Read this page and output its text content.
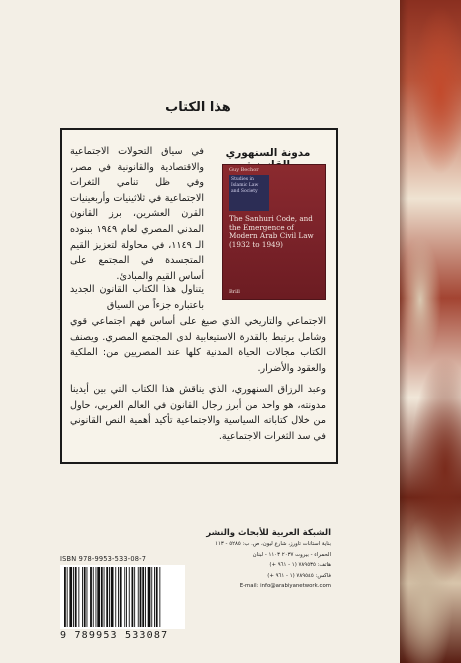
هذا الكتاب
مدونة السنهوري
Guy Bechor
Studies in Islamic Law and Society
The Sanhuri Code, and the Emergence of Modern Arab Civil Law (1932 to 1949)
Brill
في سياق التحولات الاجتماعية والاقتصادية والقانونية في مصر، وفي ظل تنامي الثغرات الاجتماعية في ثلاثينيات وأربعينيات القرن العشرين، برز القانون المدني المصري لعام ١٩٤٩ ببنوده الـ ١١٤٩، في محاولة لتعزيز القيم المتجسدة في المجتمع على أساس القيم والمبادئ.
يتناول هذا الكتاب القانون الجديد باعتباره جزءاً من السياق
الاجتماعي والتاريخي الذي صيغ على أساس فهم اجتماعي قوي وشامل يرتبط بالقدرة الاستيعابية لدى المجتمع المصري. ويصنف الكتاب مجالات الحياة المدنية كلها عند المصريين من: الملكية والعقود والأضرار.
وعبد الرزاق السنهوري، الذي يناقش هذا الكتاب التي بين أيدينا مدونته، هو واحد من أبرز رجال القانون في العالم العربي، حاول من خلال كتاباته السياسية والاجتماعية تأكيد أهمية النص القانوني في سد الثغرات الاجتماعية.
الشبكة العربية للأبحاث والنشر
بناية استانات تاورز، شارع ليون، ص. ب: ٥٢٨٥ - ١١٣
الحمراء - بيروت ٢٠٣٧ ١١٠٣ - لبنان
هاتف: ٧٨٩٥٣٥ (١ - ٩٦١ +)
فاكس: ٧٨٩٥٤٥ (١ - ٩٦١ +)
E-mail: info@arabiyanetwork.com
ISBN 978-9953-533-08-7
9 789953 533087
